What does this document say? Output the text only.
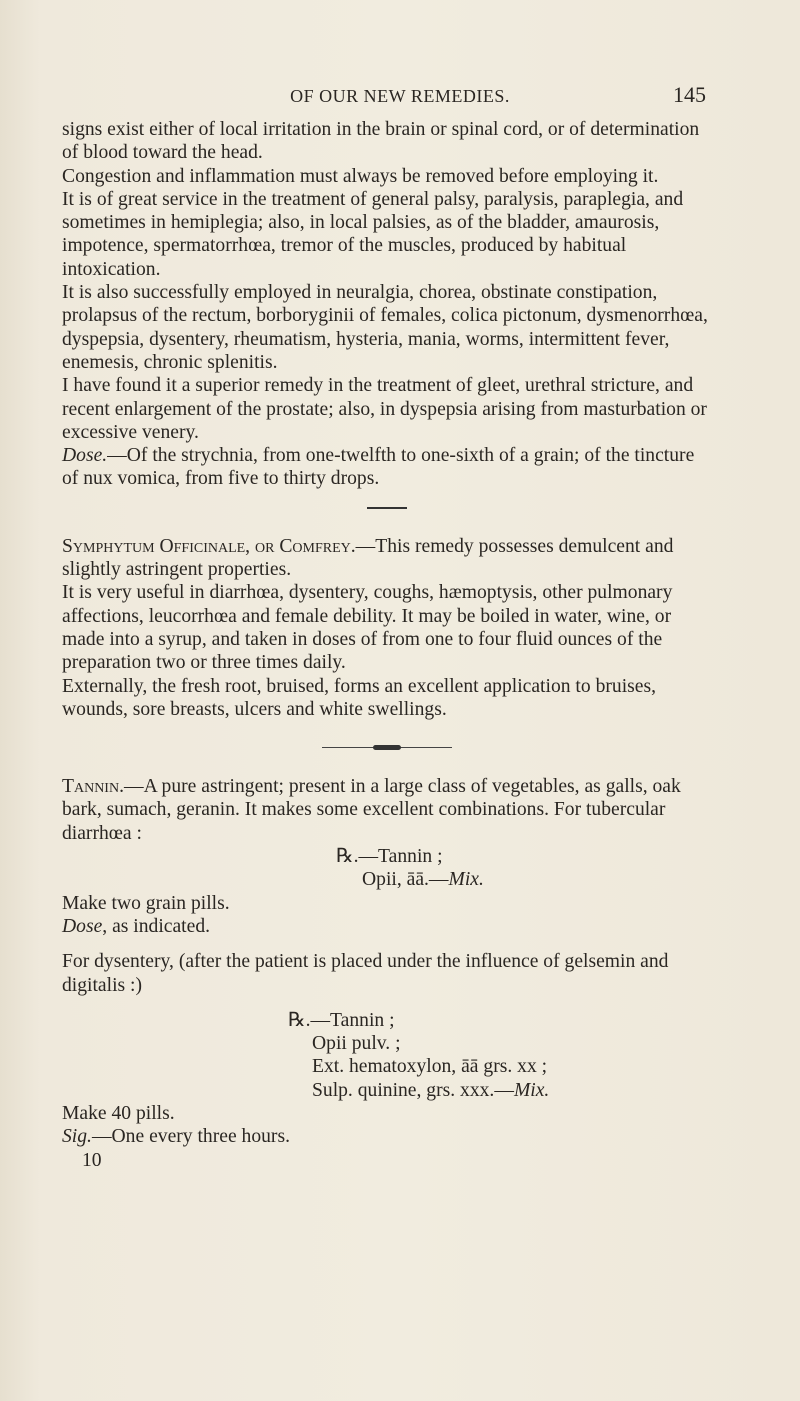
OF OUR NEW REMEDIES.	145

signs exist either of local irritation in the brain or spinal cord, or of determination of blood toward the head.

Congestion and inflammation must always be removed before employing it.

It is of great service in the treatment of general palsy, paralysis, paraplegia, and sometimes in hemiplegia; also, in local palsies, as of the bladder, amaurosis, impotence, spermatorrhœa, tremor of the muscles, produced by habitual intoxication.

It is also successfully employed in neuralgia, chorea, obstinate constipation, prolapsus of the rectum, borboryginii of females, colica pictonum, dysmenorrhœa, dyspepsia, dysentery, rheumatism, hysteria, mania, worms, intermittent fever, enemesis, chronic splenitis.

I have found it a superior remedy in the treatment of gleet, urethral stricture, and recent enlargement of the prostate; also, in dyspepsia arising from masturbation or excessive venery.

Dose.—Of the strychnia, from one-twelfth to one-sixth of a grain; of the tincture of nux vomica, from five to thirty drops.

Symphytum Officinale, or Comfrey.—This remedy possesses demulcent and slightly astringent properties.

It is very useful in diarrhœa, dysentery, coughs, hæmoptysis, other pulmonary affections, leucorrhœa and female debility. It may be boiled in water, wine, or made into a syrup, and taken in doses of from one to four fluid ounces of the preparation two or three times daily.

Externally, the fresh root, bruised, forms an excellent application to bruises, wounds, sore breasts, ulcers and white swellings.

Tannin.—A pure astringent; present in a large class of vegetables, as galls, oak bark, sumach, geranin. It makes some excellent combinations. For tubercular diarrhœa :

℞.—Tannin ;

Opii, āā.—Mix.

Make two grain pills.

Dose, as indicated.

For dysentery, (after the patient is placed under the influence of gelsemin and digitalis :)

℞.—Tannin ;

Opii pulv. ;

Ext. hematoxylon, āā grs. xx ;

Sulp. quinine, grs. xxx.—Mix.

Make 40 pills.

Sig.—One every three hours.

10
